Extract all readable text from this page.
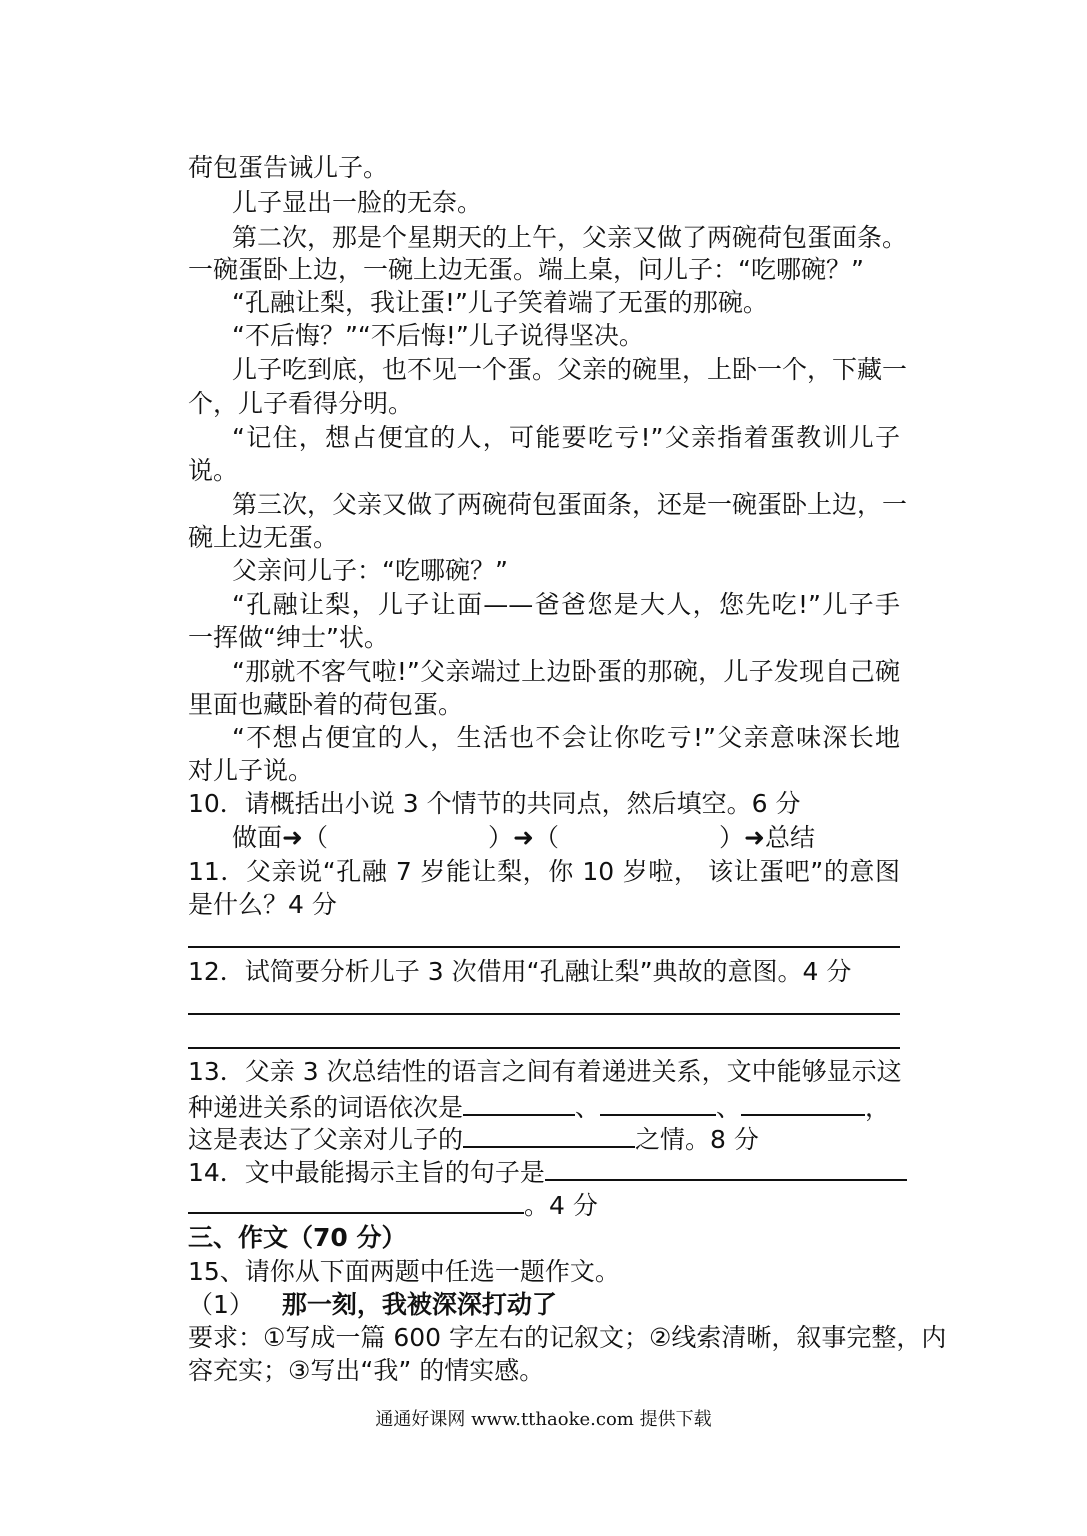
荷包蛋告诫儿子。
儿子显出一脸的无奈。
第二次，那是个星期天的上午，父亲又做了两碗荷包蛋面条。
一碗蛋卧上边，一碗上边无蛋。端上桌，问儿子：“吃哪碗？”
“孔融让梨，我让蛋!”儿子笑着端了无蛋的那碗。
“不后悔？”“不后悔!”儿子说得坚决。
儿子吃到底，也不见一个蛋。父亲的碗里，上卧一个，下藏一
个，儿子看得分明。
“记住，想占便宜的人，可能要吃亏!”父亲指着蛋教训儿子
说。
第三次，父亲又做了两碗荷包蛋面条，还是一碗蛋卧上边，一
碗上边无蛋。
父亲问儿子：“吃哪碗？”
“孔融让梨，儿子让面——爸爸您是大人，您先吃!”儿子手
一挥做“绅士”状。
“那就不客气啦!”父亲端过上边卧蛋的那碗，儿子发现自己碗
里面也藏卧着的荷包蛋。
“不想占便宜的人，生活也不会让你吃亏!”父亲意味深长地
对儿子说。
10．请概括出小说 3 个情节的共同点，然后填空。6 分
做面➜（	）➜（	）➜总结
11．父亲说“孔融 7 岁能让梨，你 10 岁啦， 该让蛋吧”的意图
是什么？4 分
12．试简要分析儿子 3 次借用“孔融让梨”典故的意图。4 分
13．父亲 3 次总结性的语言之间有着递进关系，文中能够显示这
种递进关系的词语依次是	、	、	，
这是表达了父亲对儿子的	之情。8 分
14．文中最能揭示主旨的句子是
。4 分
三、作文（70 分）
15、请你从下面两题中任选一题作文。
（1） 那一刻，我被深深打动了
要求：①写成一篇 600 字左右的记叙文；②线索清晰，叙事完整，内
容充实；③写出“我” 的情实感。
通通好课网 www.tthaoke.com 提供下载
